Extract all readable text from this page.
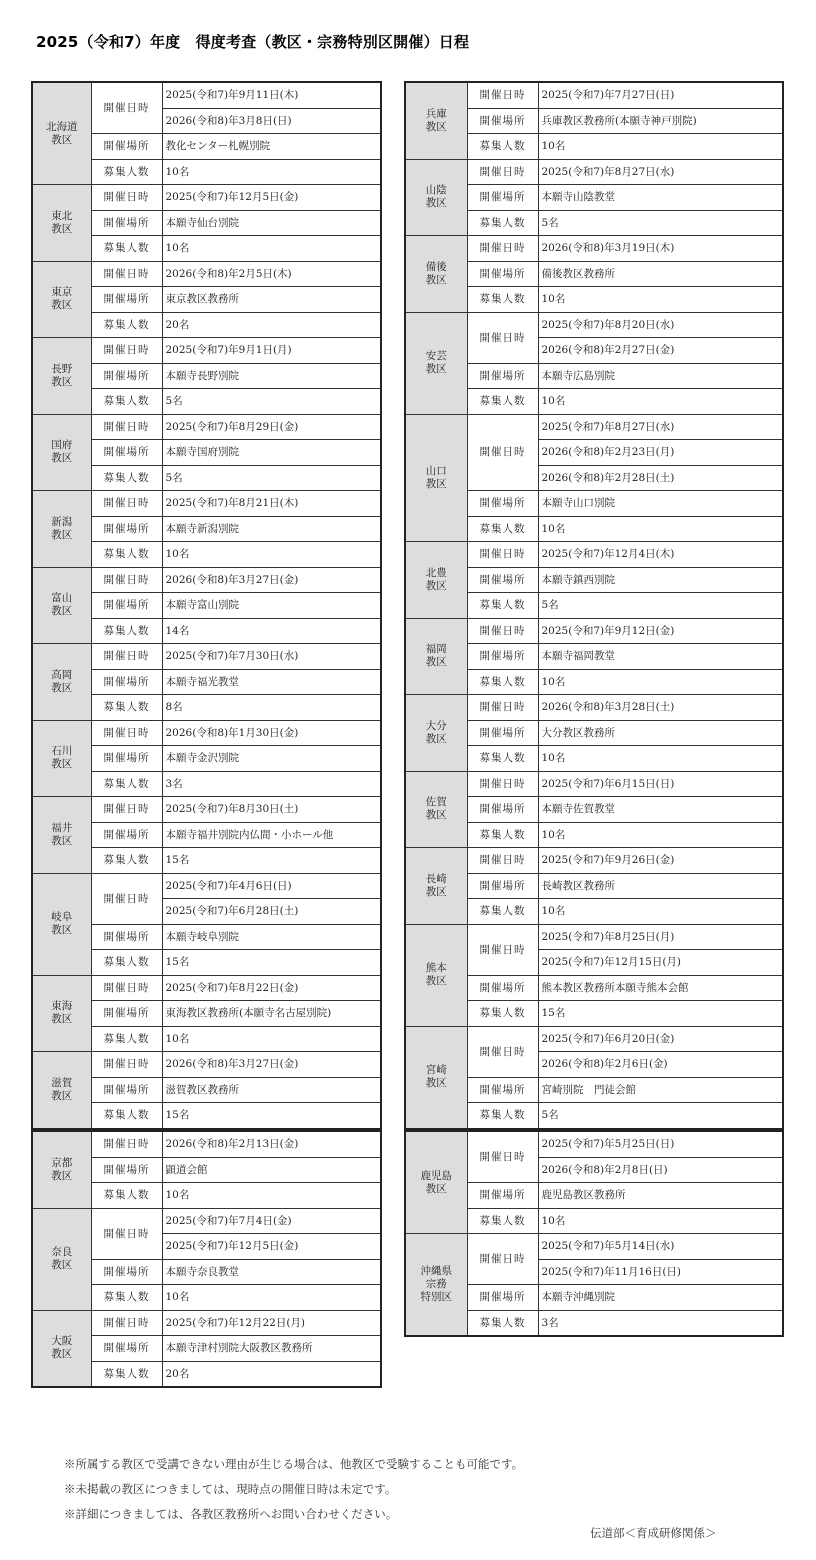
2025（令和7）年度　得度考査（教区・宗務特別区開催）日程
北海道
教区	開催日時	2025(令和7)年9月11日(木)
		2026(令和8)年3月8日(日)
	開催場所	教化センター札幌別院
	募集人数	10名
東北
教区	開催日時	2025(令和7)年12月5日(金)
	開催場所	本願寺仙台別院
	募集人数	10名
東京
教区	開催日時	2026(令和8)年2月5日(木)
	開催場所	東京教区教務所
	募集人数	20名
長野
教区	開催日時	2025(令和7)年9月1日(月)
	開催場所	本願寺長野別院
	募集人数	5名
国府
教区	開催日時	2025(令和7)年8月29日(金)
	開催場所	本願寺国府別院
	募集人数	5名
新潟
教区	開催日時	2025(令和7)年8月21日(木)
	開催場所	本願寺新潟別院
	募集人数	10名
富山
教区	開催日時	2026(令和8)年3月27日(金)
	開催場所	本願寺富山別院
	募集人数	14名
高岡
教区	開催日時	2025(令和7)年7月30日(水)
	開催場所	本願寺福光教堂
	募集人数	8名
石川
教区	開催日時	2026(令和8)年1月30日(金)
	開催場所	本願寺金沢別院
	募集人数	3名
福井
教区	開催日時	2025(令和7)年8月30日(土)
	開催場所	本願寺福井別院内仏間・小ホール他
	募集人数	15名
岐阜
教区	開催日時	2025(令和7)年4月6日(日)
		2025(令和7)年6月28日(土)
	開催場所	本願寺岐阜別院
	募集人数	15名
東海
教区	開催日時	2025(令和7)年8月22日(金)
	開催場所	東海教区教務所(本願寺名古屋別院)
	募集人数	10名
滋賀
教区	開催日時	2026(令和8)年3月27日(金)
	開催場所	滋賀教区教務所
	募集人数	15名
兵庫
教区	開催日時	2025(令和7)年7月27日(日)
	開催場所	兵庫教区教務所(本願寺神戸別院)
	募集人数	10名
山陰
教区	開催日時	2025(令和7)年8月27日(水)
	開催場所	本願寺山陰教堂
	募集人数	5名
備後
教区	開催日時	2026(令和8)年3月19日(木)
	開催場所	備後教区教務所
	募集人数	10名
安芸
教区	開催日時	2025(令和7)年8月20日(水)
		2026(令和8)年2月27日(金)
	開催場所	本願寺広島別院
	募集人数	10名
山口
教区	開催日時	2025(令和7)年8月27日(水)
		2026(令和8)年2月23日(月)
		2026(令和8)年2月28日(土)
	開催場所	本願寺山口別院
	募集人数	10名
北豊
教区	開催日時	2025(令和7)年12月4日(木)
	開催場所	本願寺鎮西別院
	募集人数	5名
福岡
教区	開催日時	2025(令和7)年9月12日(金)
	開催場所	本願寺福岡教堂
	募集人数	10名
大分
教区	開催日時	2026(令和8)年3月28日(土)
	開催場所	大分教区教務所
	募集人数	10名
佐賀
教区	開催日時	2025(令和7)年6月15日(日)
	開催場所	本願寺佐賀教堂
	募集人数	10名
長崎
教区	開催日時	2025(令和7)年9月26日(金)
	開催場所	長崎教区教務所
	募集人数	10名
熊本
教区	開催日時	2025(令和7)年8月25日(月)
		2025(令和7)年12月15日(月)
	開催場所	熊本教区教務所本願寺熊本会館
	募集人数	15名
宮崎
教区	開催日時	2025(令和7)年6月20日(金)
		2026(令和8)年2月6日(金)
	開催場所	宮崎別院　門徒会館
	募集人数	5名
京都
教区	開催日時	2026(令和8)年2月13日(金)
	開催場所	顕道会館
	募集人数	10名
奈良
教区	開催日時	2025(令和7)年7月4日(金)
		2025(令和7)年12月5日(金)
	開催場所	本願寺奈良教堂
	募集人数	10名
大阪
教区	開催日時	2025(令和7)年12月22日(月)
	開催場所	本願寺津村別院大阪教区教務所
	募集人数	20名
鹿児島
教区	開催日時	2025(令和7)年5月25日(日)
		2026(令和8)年2月8日(日)
	開催場所	鹿児島教区教務所
	募集人数	10名
沖縄県
宗務
特別区	開催日時	2025(令和7)年5月14日(水)
		2025(令和7)年11月16日(日)
	開催場所	本願寺沖縄別院
	募集人数	3名
※所属する教区で受講できない理由が生じる場合は、他教区で受験することも可能です。
※未掲載の教区につきましては、現時点の開催日時は未定です。
※詳細につきましては、各教区教務所へお問い合わせください。
伝道部＜育成研修関係＞
